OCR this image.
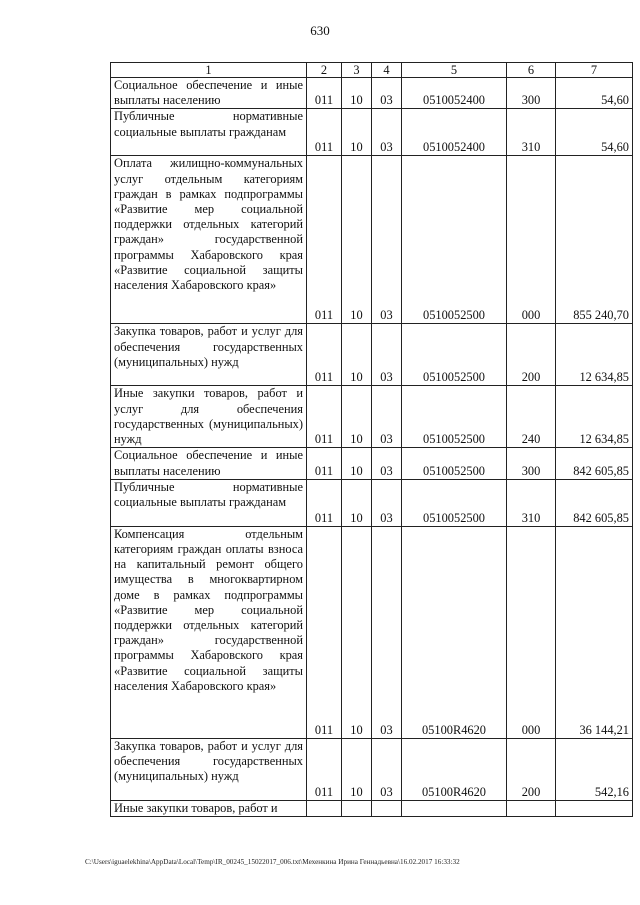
630
1	2	3	4	5	6	7
Социальное обеспечение и иные выплаты населению	011	10	03	0510052400	300	54,60
Публичные нормативные социальные выплаты гражданам	011	10	03	0510052400	310	54,60
Оплата жилищно-коммунальных услуг отдельным категориям граждан в рамках подпрограммы «Развитие мер социальной поддержки отдельных категорий граждан» государственной программы Хабаровского края «Развитие социальной защиты населения Хабаровского края»	011	10	03	0510052500	000	855 240,70
Закупка товаров, работ и услуг для обеспечения государственных (муниципальных) нужд	011	10	03	0510052500	200	12 634,85
Иные закупки товаров, работ и услуг для обеспечения государственных (муниципальных) нужд	011	10	03	0510052500	240	12 634,85
Социальное обеспечение и иные выплаты населению	011	10	03	0510052500	300	842 605,85
Публичные нормативные социальные выплаты гражданам	011	10	03	0510052500	310	842 605,85
Компенсация отдельным категориям граждан оплаты взноса на капитальный ремонт общего имущества в многоквартирном доме в рамках подпрограммы «Развитие мер социальной поддержки отдельных категорий граждан» государственной программы Хабаровского края «Развитие социальной защиты населения Хабаровского края»	011	10	03	05100R4620	000	36 144,21
Закупка товаров, работ и услуг для обеспечения государственных (муниципальных) нужд	011	10	03	05100R4620	200	542,16
Иные закупки товаров, работ и						
C:\Users\iguaelekhina\AppData\Local\Temp\IR_00245_15022017_006.txt\Мехенкина Ирина Геннадьевна\16.02.2017 16:33:32
